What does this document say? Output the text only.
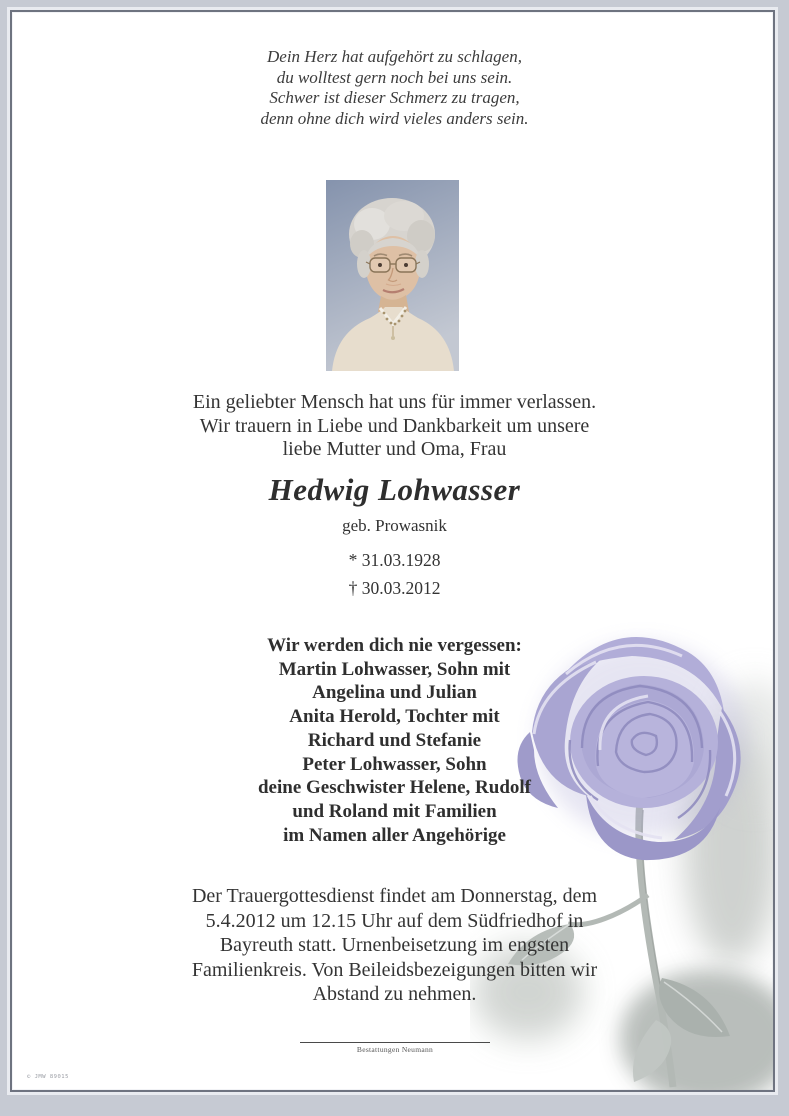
Dein Herz hat aufgehört zu schlagen,
du wolltest gern noch bei uns sein.
Schwer ist dieser Schmerz zu tragen,
denn ohne dich wird vieles anders sein.
Ein geliebter Mensch hat uns für immer verlassen.
Wir trauern in Liebe und Dankbarkeit um unsere
liebe Mutter und Oma, Frau
Hedwig Lohwasser
geb. Prowasnik
* 31.03.1928
† 30.03.2012
Wir werden dich nie vergessen:
Martin Lohwasser, Sohn mit
Angelina und Julian
Anita Herold, Tochter mit
Richard und Stefanie
Peter Lohwasser, Sohn
deine Geschwister Helene, Rudolf
und Roland mit Familien
im Namen aller Angehörige
Der Trauergottesdienst findet am Donnerstag, dem
5.4.2012 um 12.15 Uhr auf dem Südfriedhof in
Bayreuth statt. Urnenbeisetzung im engsten
Familienkreis. Von Beileidsbezeigungen bitten wir
Abstand zu nehmen.
Bestattungen Neumann
© JMW 89015
